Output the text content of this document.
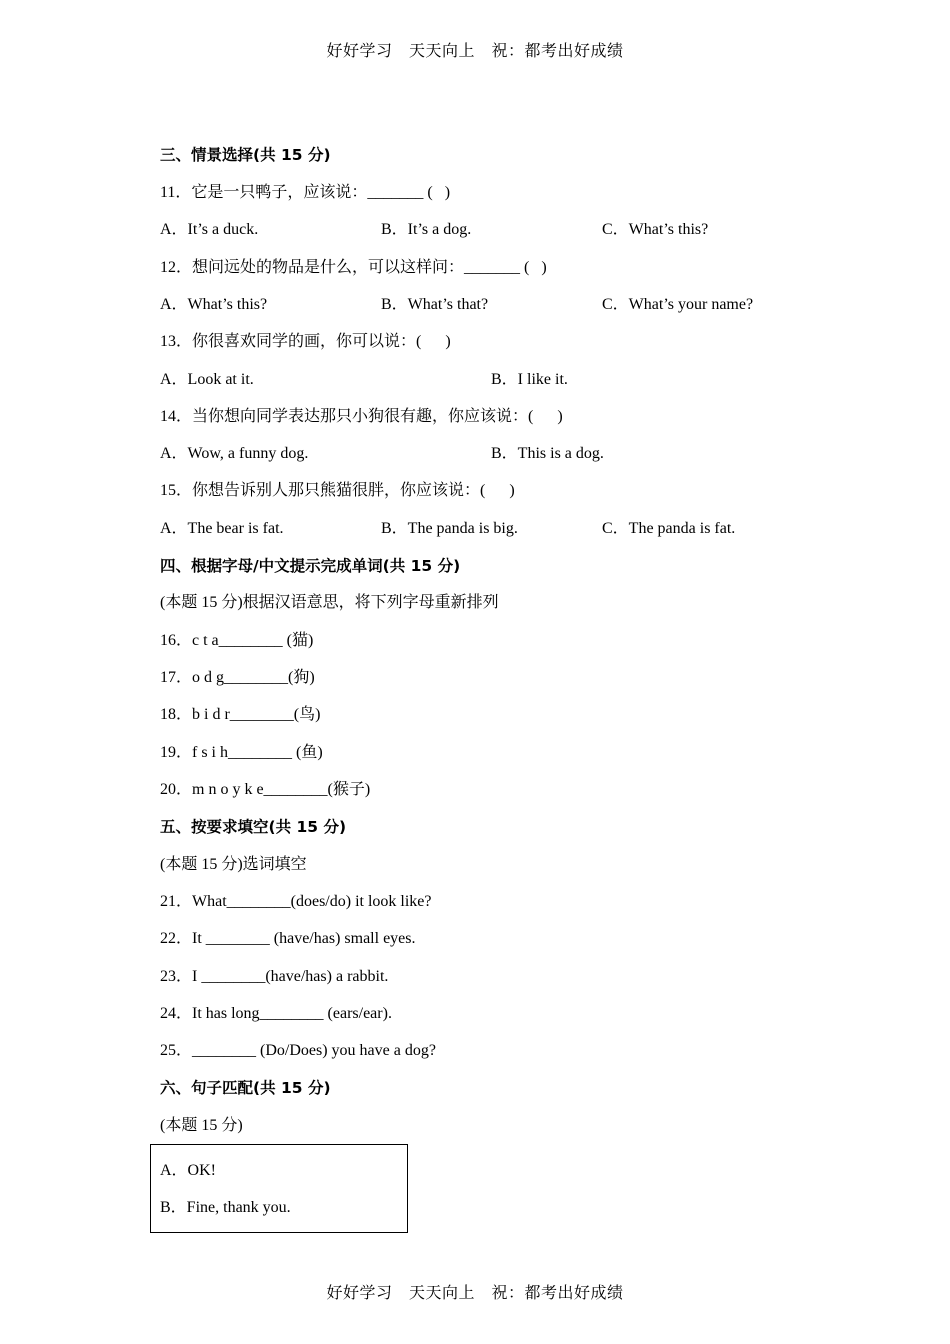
好好学习　天天向上　祝：都考出好成绩
三、情景选择(共 15 分)
11．它是一只鸭子，应该说：_______ (   )
A．It’s a duck.	B．It’s a dog.	C．What’s this?
12．想问远处的物品是什么，可以这样问：_______ (   )
A．What’s this?	B．What’s that?	C．What’s your name?
13．你很喜欢同学的画，你可以说：(      )
A．Look at it.	B．I like it.
14．当你想向同学表达那只小狗很有趣，你应该说：(      )
A．Wow, a funny dog.	B．This is a dog.
15．你想告诉别人那只熊猫很胖，你应该说：(      )
A．The bear is fat.	B．The panda is big.	C．The panda is fat.
四、根据字母/中文提示完成单词(共 15 分)
(本题 15 分)根据汉语意思，将下列字母重新排列
16．c t a________ (猫)
17．o d g________(狗)
18．b i d r________(鸟)
19．f s i h________ (鱼)
20．m n o y k e________(猴子)
五、按要求填空(共 15 分)
(本题 15 分)选词填空
21．What________(does/do) it look like?
22．It ________ (have/has) small eyes.
23．I ________(have/has) a rabbit.
24．It has long________ (ears/ear).
25．________ (Do/Does) you have a dog?
六、句子匹配(共 15 分)
(本题 15 分)
A．OK!
B．Fine, thank you.
好好学习　天天向上　祝：都考出好成绩
